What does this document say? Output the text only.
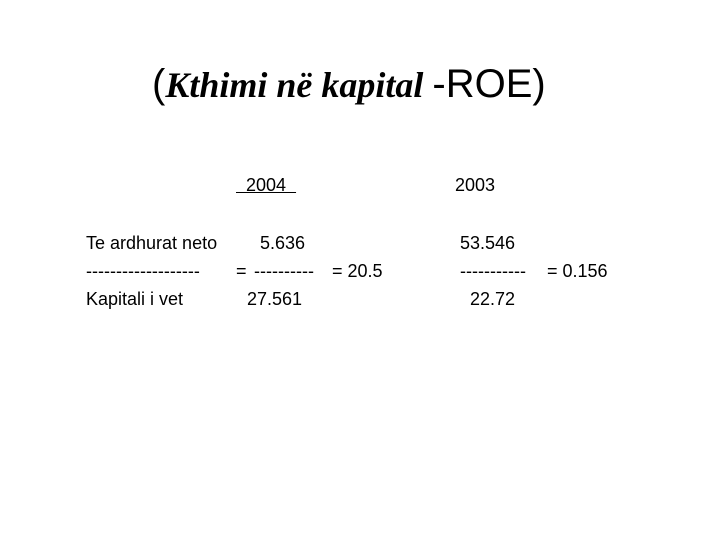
(Kthimi në kapital -ROE)
2004	2003
Te ardhurat neto 5.636	53.546
------------------- = ---------- = 20.5	----------- = 0.156
Kapitali i vet	27.561	22.72
